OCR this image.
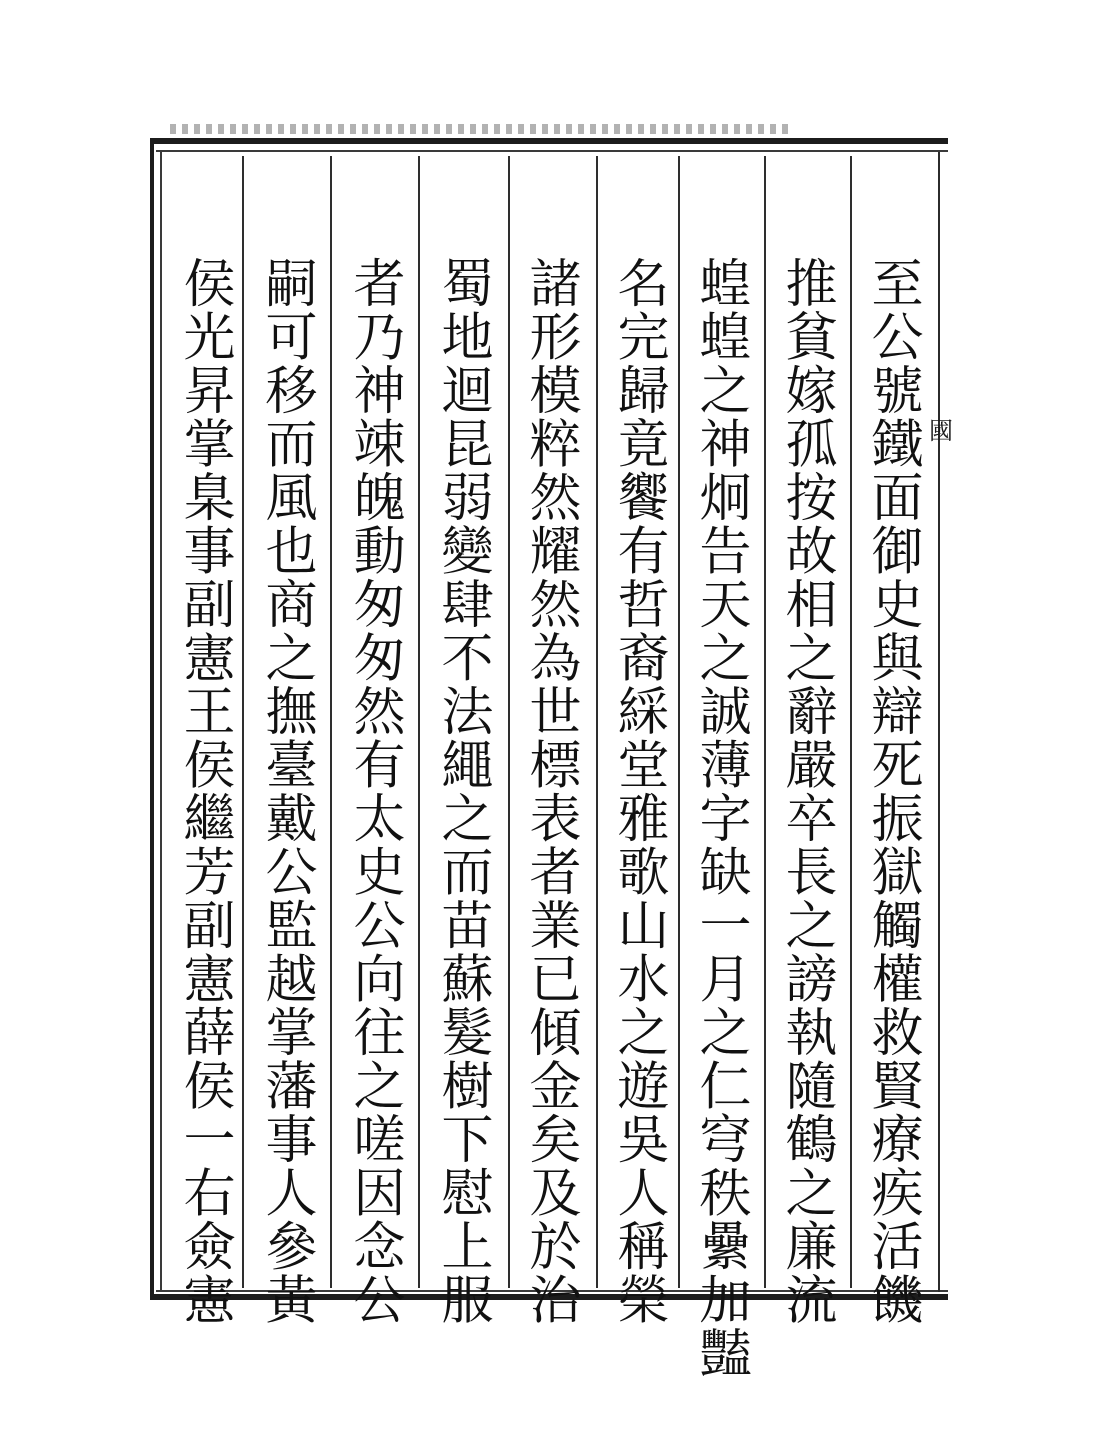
國
至公號鐵面御史與辯死振獄觸權救賢療疾活饑
推貧嫁孤按故相之辭嚴卒長之謗執隨鶴之廉流
蝗蝗之神炯告天之誠薄字缺一月之仁穹秩纍加豔
名完歸竟饗有哲裔綵堂雅歌山水之遊吳人稱榮
諸形模粹然耀然為世標表者業已傾金矣及於治
蜀地迴昆弱變肆不法繩之而苗蘇髮樹下慰上服
者乃神竦魄動匆匆然有太史公向往之嗟因念公
嗣可移而風也商之撫臺戴公監越掌藩事人參黃
侯光昇掌臬事副憲王侯繼芳副憲薛侯一右僉憲
